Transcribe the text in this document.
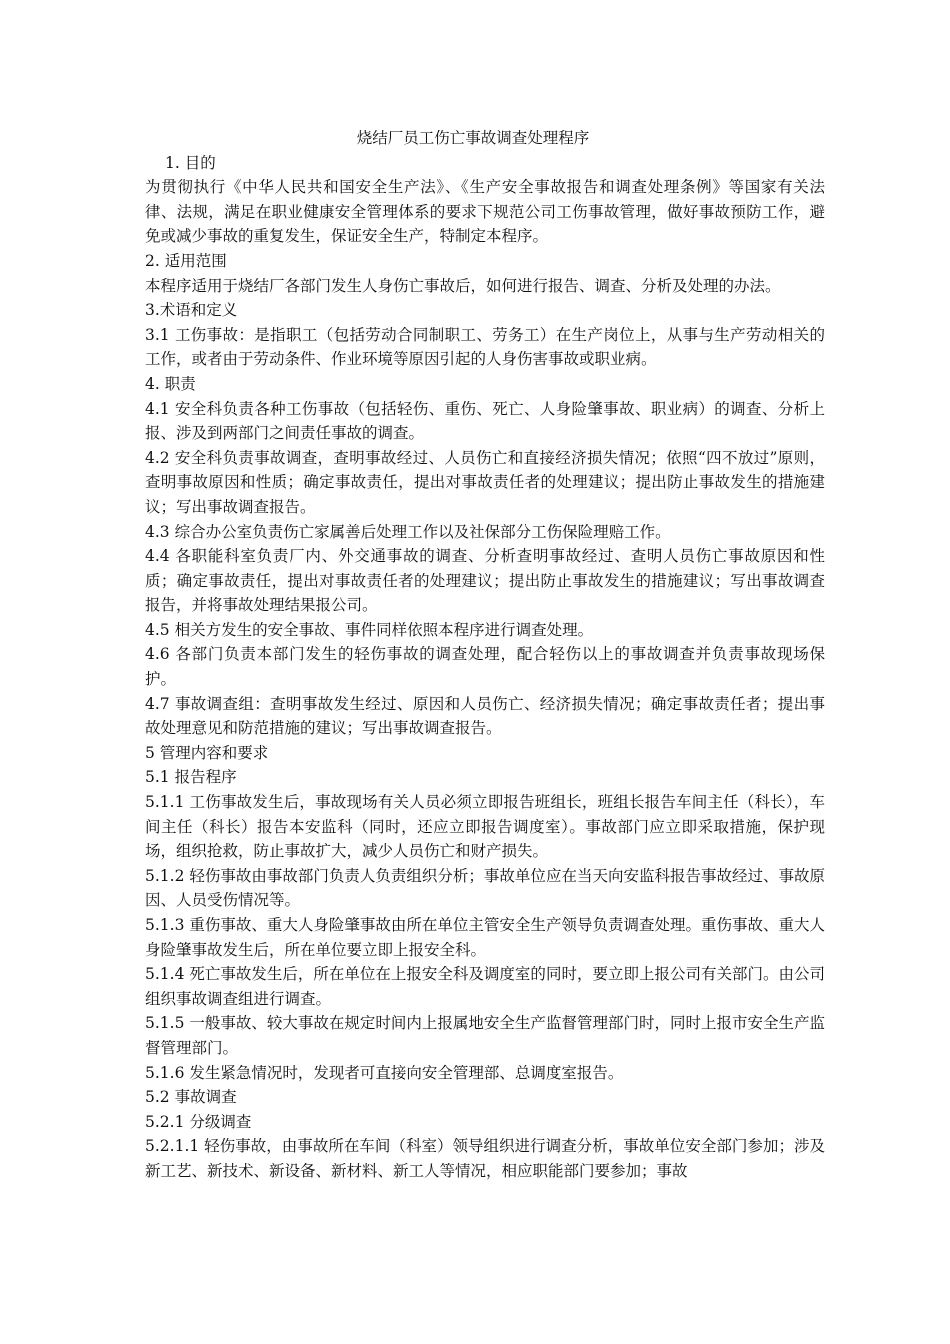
烧结厂员工伤亡事故调查处理程序

1. 目的

为贯彻执行《中华人民共和国安全生产法》、《生产安全事故报告和调查处理条例》等国家有关法律、法规，满足在职业健康安全管理体系的要求下规范公司工伤事故管理，做好事故预防工作，避免或减少事故的重复发生，保证安全生产，特制定本程序。

2. 适用范围

本程序适用于烧结厂各部门发生人身伤亡事故后，如何进行报告、调查、分析及处理的办法。

3.术语和定义

3.1 工伤事故：是指职工（包括劳动合同制职工、劳务工）在生产岗位上，从事与生产劳动相关的工作，或者由于劳动条件、作业环境等原因引起的人身伤害事故或职业病。

4. 职责

4.1 安全科负责各种工伤事故（包括轻伤、重伤、死亡、人身险肇事故、职业病）的调查、分析上报、涉及到两部门之间责任事故的调查。

4.2 安全科负责事故调查，查明事故经过、人员伤亡和直接经济损失情况；依照“四不放过”原则，查明事故原因和性质；确定事故责任，提出对事故责任者的处理建议；提出防止事故发生的措施建议；写出事故调查报告。

4.3 综合办公室负责伤亡家属善后处理工作以及社保部分工伤保险理赔工作。

4.4 各职能科室负责厂内、外交通事故的调查、分析查明事故经过、查明人员伤亡事故原因和性质；确定事故责任，提出对事故责任者的处理建议；提出防止事故发生的措施建议；写出事故调查报告，并将事故处理结果报公司。

4.5 相关方发生的安全事故、事件同样依照本程序进行调查处理。

4.6 各部门负责本部门发生的轻伤事故的调查处理，配合轻伤以上的事故调查并负责事故现场保护。

4.7 事故调查组：查明事故发生经过、原因和人员伤亡、经济损失情况；确定事故责任者；提出事故处理意见和防范措施的建议；写出事故调查报告。

5 管理内容和要求

5.1 报告程序

5.1.1 工伤事故发生后，事故现场有关人员必须立即报告班组长，班组长报告车间主任（科长），车间主任（科长）报告本安监科（同时，还应立即报告调度室）。事故部门应立即采取措施，保护现场，组织抢救，防止事故扩大，减少人员伤亡和财产损失。

5.1.2 轻伤事故由事故部门负责人负责组织分析；事故单位应在当天向安监科报告事故经过、事故原因、人员受伤情况等。

5.1.3 重伤事故、重大人身险肇事故由所在单位主管安全生产领导负责调查处理。重伤事故、重大人身险肇事故发生后，所在单位要立即上报安全科。

5.1.4 死亡事故发生后，所在单位在上报安全科及调度室的同时，要立即上报公司有关部门。由公司组织事故调查组进行调查。

5.1.5 一般事故、较大事故在规定时间内上报属地安全生产监督管理部门时，同时上报市安全生产监督管理部门。

5.1.6 发生紧急情况时，发现者可直接向安全管理部、总调度室报告。

5.2 事故调查

5.2.1 分级调查

5.2.1.1 轻伤事故，由事故所在车间（科室）领导组织进行调查分析，事故单位安全部门参加；涉及新工艺、新技术、新设备、新材料、新工人等情况，相应职能部门要参加；事故
